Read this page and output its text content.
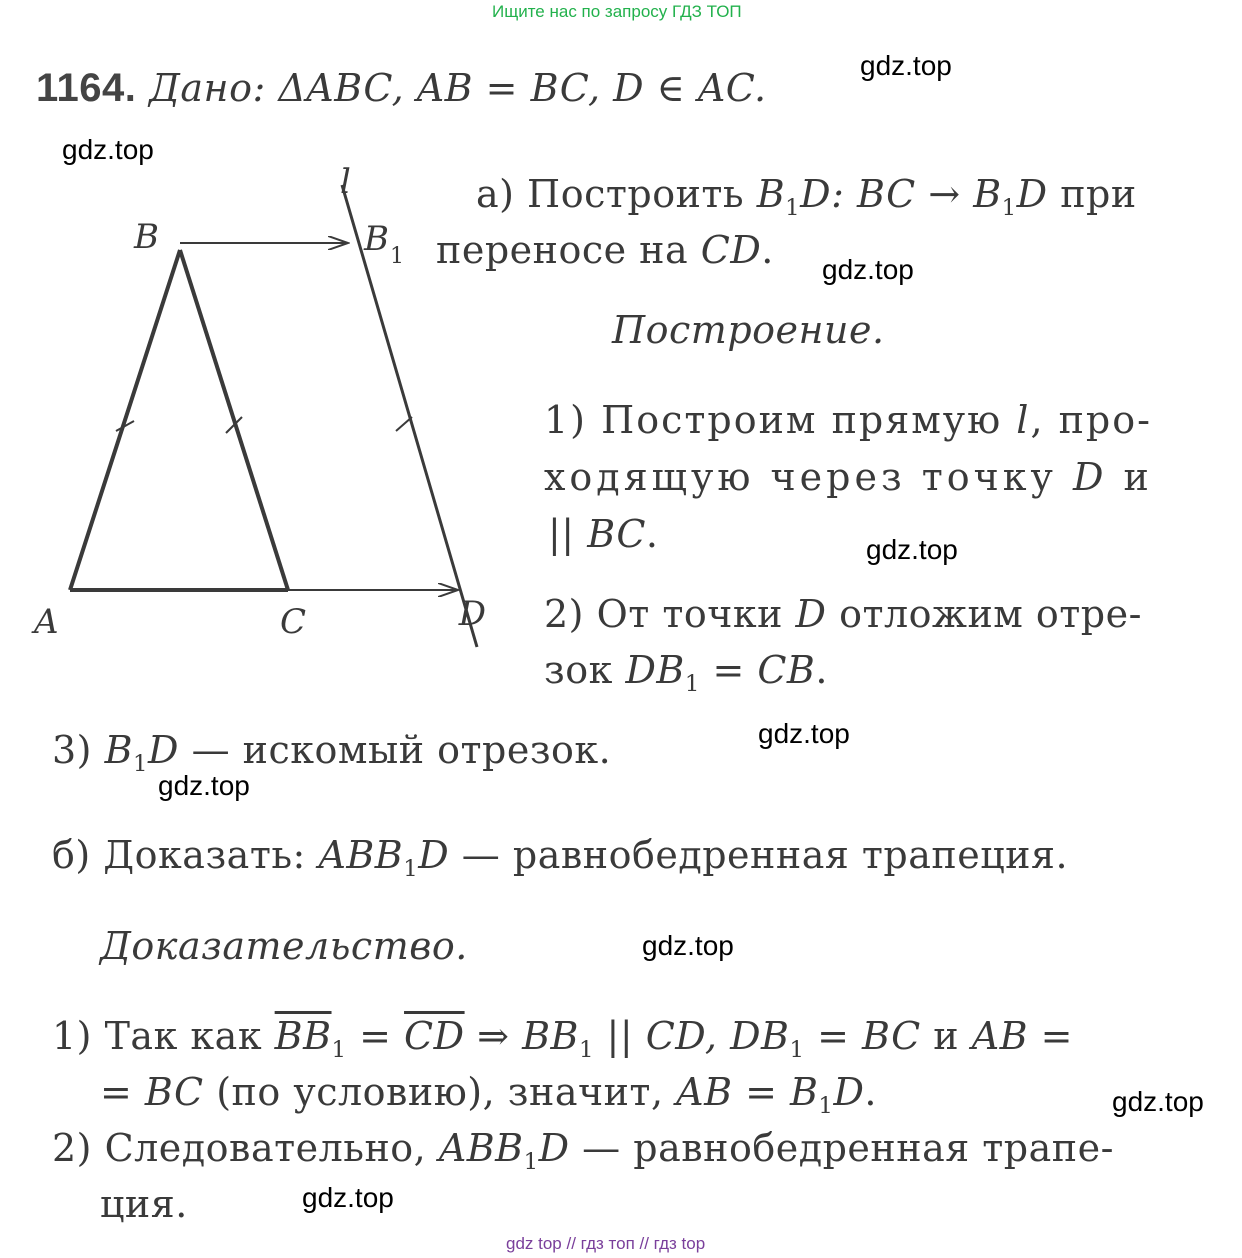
Ищите нас по запросу ГДЗ ТОП
gdz top // гдз топ // гдз top
1164. Дано: ΔABC, AB = BC, D ∈ AC.
A
B
C	D
B 1
l	а) Построить $B_1D$: BC → $B_1D$ при
переносе на CD.
Построение.
1) Построим прямую l, про-
ходящую через точку D и
|| BC.
2) От точки D отложим отре-
зок $DB_1$ = CB.
3) $B_1D$ — искомый отрезок.
б) Доказать: $ABB_1D$ — равнобедренная трапеция.
Доказательство.
1) Так как $\overline{BB}_1 = \overline{CD}$ ⇒ $BB_1$ || CD, $DB_1$ = BC и AB =
= BC (по условию), значит, AB = $B_1D$.
2) Следовательно, $ABB_1D$ — равнобедренная трапе-
ция.
gdz.top
gdz.top
gdz.top
gdz.top
gdz.top
gdz.top
gdz.top
gdz.top
gdz.top
